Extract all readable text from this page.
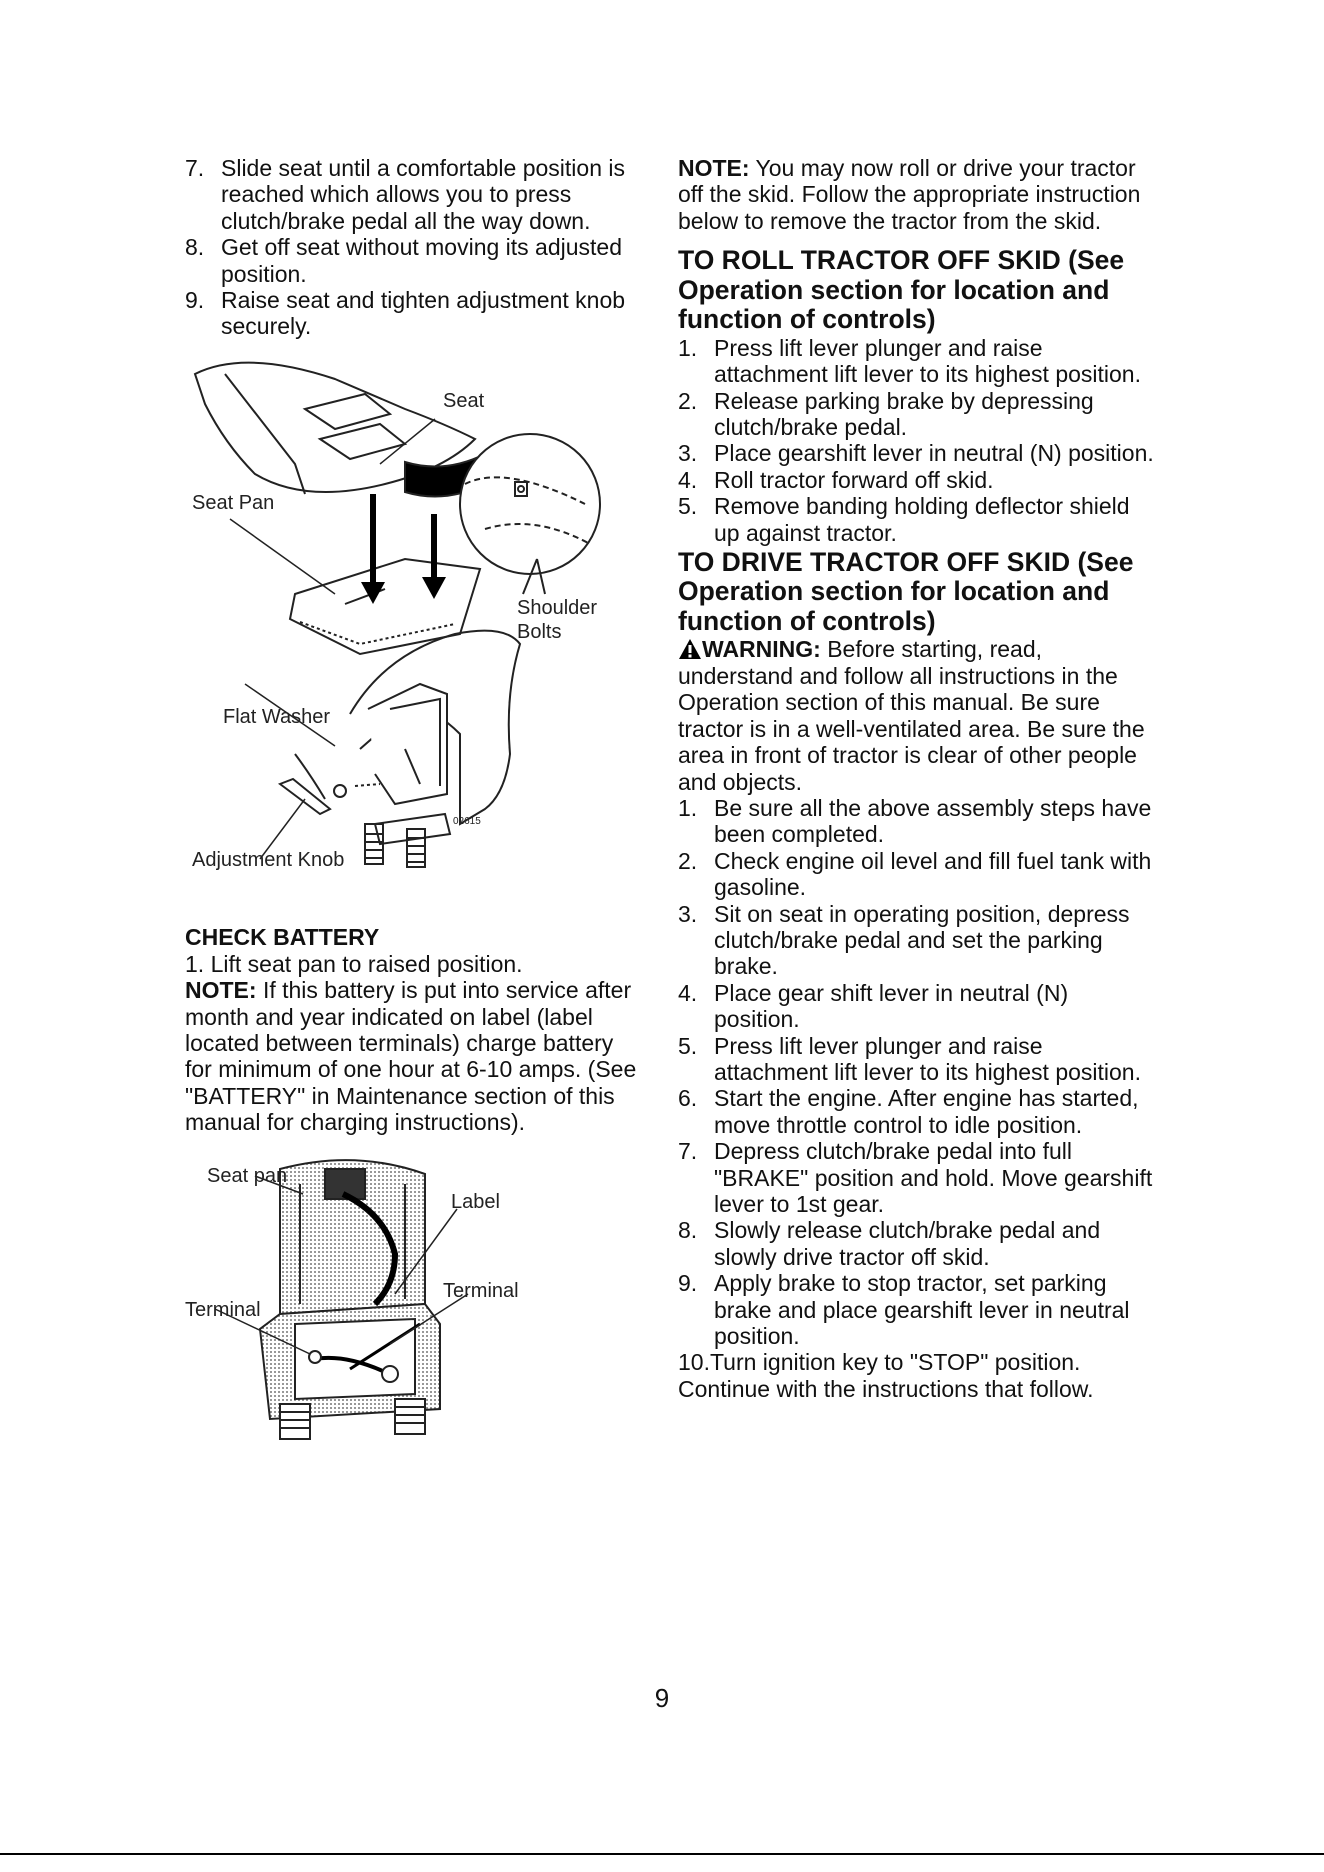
7. Slide seat until a comfortable position is reached which allows you to press clutch/brake pedal all the way down.
8. Get off seat without moving its adjusted position.
9. Raise seat and tighten adjustment knob securely.
Seat
Seat Pan
Shoulder
Bolts
Flat Washer
Adjustment Knob
02615

CHECK BATTERY

1. Lift seat pan to raised position.

NOTE: If this battery is put into service after month and year indicated on label (label located between terminals) charge battery for minimum of one hour at 6-10 amps. (See "BATTERY" in Maintenance section of this manual for charging instructions).

Seat pan
Label
Terminal
Terminal

NOTE: You may now roll or drive your tractor off the skid. Follow the appropriate instruction below to remove the tractor from the skid.

TO ROLL TRACTOR OFF SKID (See Operation section for location and function of controls)

1. Press lift lever plunger and raise attachment lift lever to its highest position.
2. Release parking brake by depressing clutch/brake pedal.
3. Place gearshift lever in neutral (N) position.
4. Roll tractor forward off skid.
5. Remove banding holding deflector shield up against tractor.

TO DRIVE TRACTOR OFF SKID (See Operation section for location and function of controls)

WARNING: Before starting, read, understand and follow all instructions in the Operation section of this manual. Be sure tractor is in a well-ventilated area. Be sure the area in front of tractor is clear of other people and objects.

1. Be sure all the above assembly steps have been completed.
2. Check engine oil level and fill fuel tank with gasoline.
3. Sit on seat in operating position, depress clutch/brake pedal and set the parking brake.
4. Place gear shift lever in neutral (N) position.
5. Press lift lever plunger and raise attachment lift lever to its highest position.
6. Start the engine. After engine has started, move throttle control to idle position.
7. Depress clutch/brake pedal into full "BRAKE" position and hold. Move gearshift lever to 1st gear.
8. Slowly release clutch/brake pedal and slowly drive tractor off skid.
9. Apply brake to stop tractor, set parking brake and place gearshift lever in neutral position.

10.Turn ignition key to "STOP" position.

Continue with the instructions that follow.

9
